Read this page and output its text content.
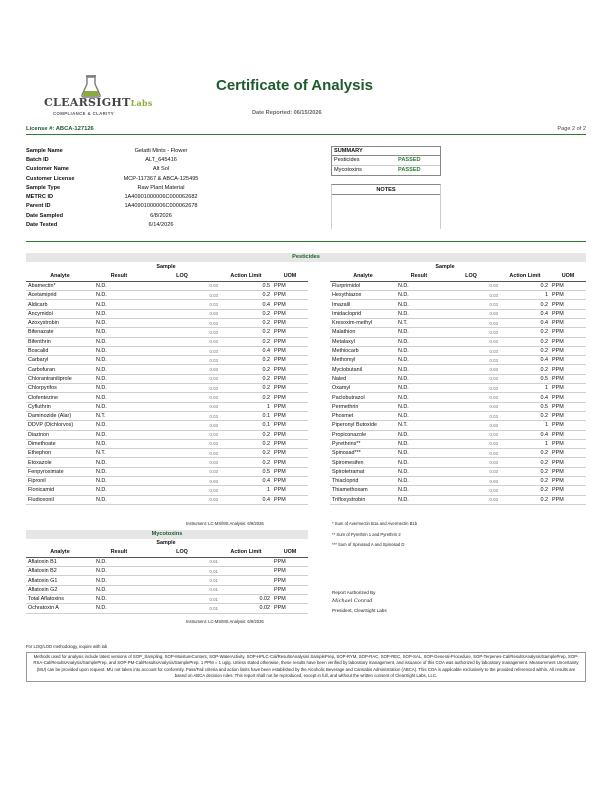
CLEARSIGHTLabs
COMPLIANCE & CLARITY
Certificate of Analysis
Date Reported: 06/15/2026
License #: ABCA-127126	Page 2 of 2
Sample Name	Gelatti Mints - Flower
Batch ID	ALT_645416
Customer Name	Alt Sol
Customer License	MCP-117367 & ABCA-125495
Sample Type	Raw Plant Material
METRC ID	1A40901000006C000062682
Parent ID	1A40901000006C000062678
Date Sampled	6/8/2026
Date Tested	6/14/2026
SUMMARY
Pesticides	PASSED
Mycotoxins	PASSED
NOTES
Pesticides
Sample	Sample
Analyte	Result	LOQ	Action Limit	UOM
Abamectin*	N.D.	0.03	0.5	PPM
Acetamiprid	N.D.	0.03	0.2	PPM
Aldicarb	N.D.	0.03	0.4	PPM
Ancymidol	N.D.	0.03	0.2	PPM
Azoxystrobin	N.D.	0.03	0.2	PPM
Bifenazate	N.D.	0.03	0.2	PPM
Bifenthrin	N.D.	0.03	0.2	PPM
Boscalid	N.D.	0.03	0.4	PPM
Carbaryl	N.D.	0.03	0.2	PPM
Carbofuran	N.D.	0.03	0.2	PPM
Chlorantraniliprole	N.D.	0.03	0.2	PPM
Chlorpyrifos	N.D.	0.03	0.2	PPM
Clofentezine	N.D.	0.03	0.2	PPM
Cyfluthrin	N.D.	0.03	1	PPM
Daminozide (Alar)	N.T.	0.03	0.1	PPM
DDVP (Dichlorvos)	N.D.	0.03	0.1	PPM
Diazinon	N.D.	0.03	0.2	PPM
Dimethoate	N.D.	0.03	0.2	PPM
Ethephon	N.T.	0.03	0.2	PPM
Etoxazole	N.D.	0.03	0.2	PPM
Fenpyroximate	N.D.	0.03	0.5	PPM
Fipronil	N.D.	0.03	0.4	PPM
Flonicamid	N.D.	0.03	1	PPM
Fludioxonil	N.D.	0.03	0.4	PPM
Analyte	Result	LOQ	Action Limit	UOM
Flurprimidol	N.D.	0.03	0.2	PPM
Hexythiazox	N.D.	0.03	1	PPM
Imazalil	N.D.	0.03	0.2	PPM
Imidacloprid	N.D.	0.03	0.4	PPM
Kresoxim-methyl	N.T.	0.03	0.4	PPM
Malathion	N.D.	0.03	0.2	PPM
Metalaxyl	N.D.	0.03	0.2	PPM
Methiocarb	N.D.	0.03	0.2	PPM
Methomyl	N.D.	0.03	0.4	PPM
Myclobutanil	N.D.	0.03	0.2	PPM
Naled	N.D.	0.03	0.5	PPM
Oxamyl	N.D.	0.03	1	PPM
Paclobutrazol	N.D.	0.03	0.4	PPM
Permethrin	N.D.	0.03	0.5	PPM
Phosmet	N.D.	0.03	0.2	PPM
Piperonyl Butoxide	N.T.	0.03	1	PPM
Propiconazole	N.D.	0.03	0.4	PPM
Pyrethrins**	N.D.	0.03	1	PPM
Spinosad***	N.D.	0.03	0.2	PPM
Spiromesifen	N.D.	0.03	0.2	PPM
Spirotetramat	N.D.	0.03	0.2	PPM
Thiacloprid	N.D.	0.03	0.2	PPM
Thiamethoxam	N.D.	0.03	0.2	PPM
Trifloxystrobin	N.D.	0.03	0.2	PPM
Instrument: LC-MS/MS Analysis: 6/9/2026	* Sum of Avermectin B1a and Avermectin B1b
** Sum of Pyrethrin 1 and Pyrethrin 2
*** Sum of Spinosad A and Spinosad D
Mycotoxins
Sample
Analyte	Result	LOQ	Action Limit	UOM
Aflatoxin B1	N.D.	0.01		PPM
Aflatoxin B2	N.D.	0.01		PPM
Aflatoxin G1	N.D.	0.01		PPM
Aflatoxin G2	N.D.	0.01		PPM
Total Aflatoxins	N.D.	0.01	0.02	PPM
Ochratoxin A	N.D.	0.01	0.02	PPM
Instrument: LC-MS/MS Analysis: 6/9/2026
Report Authorized By
Michael Conrad
President, ClearSight Labs
For LOQ/LOD methodology, inquire with lab
Methods used for analysis include latest versions of SOP_Sampling, SOP-MoistureContent, SOP-WaterActivity, SOP-HPLC-Cal/ResultsAnalysis/ SamplePrep, SOP-RYM, SOP-RAC, SOP-REC, SOP-SAL, SOP-General-Procedure, SOP-Terpenes-Cal/ResultsAnalysis/SamplePrep, SOP-RSA-Cal/ResultsAnalysis/SamplePrep, and SOP-PM-Cal/ResultsAnalysis/SamplePrep. 1 PPM = 1 ug/g. Unless stated otherwise, these results have been verified by laboratory management, and issuance of this COA was authorized by laboratory management. Measurement Uncertainty (MU) can be provided upon request. MU not taken into account for conformity. Pass/Fail criteria and action limits have been established by the Alcoholic Beverage and Cannabis Administration (ABCA). This COA is applicable exclusively to the provided referenced within. All results are based on ABCA decision rules. This report shall not be reproduced, except in full, and without the written consent of ClearSight Labs, LLC.
